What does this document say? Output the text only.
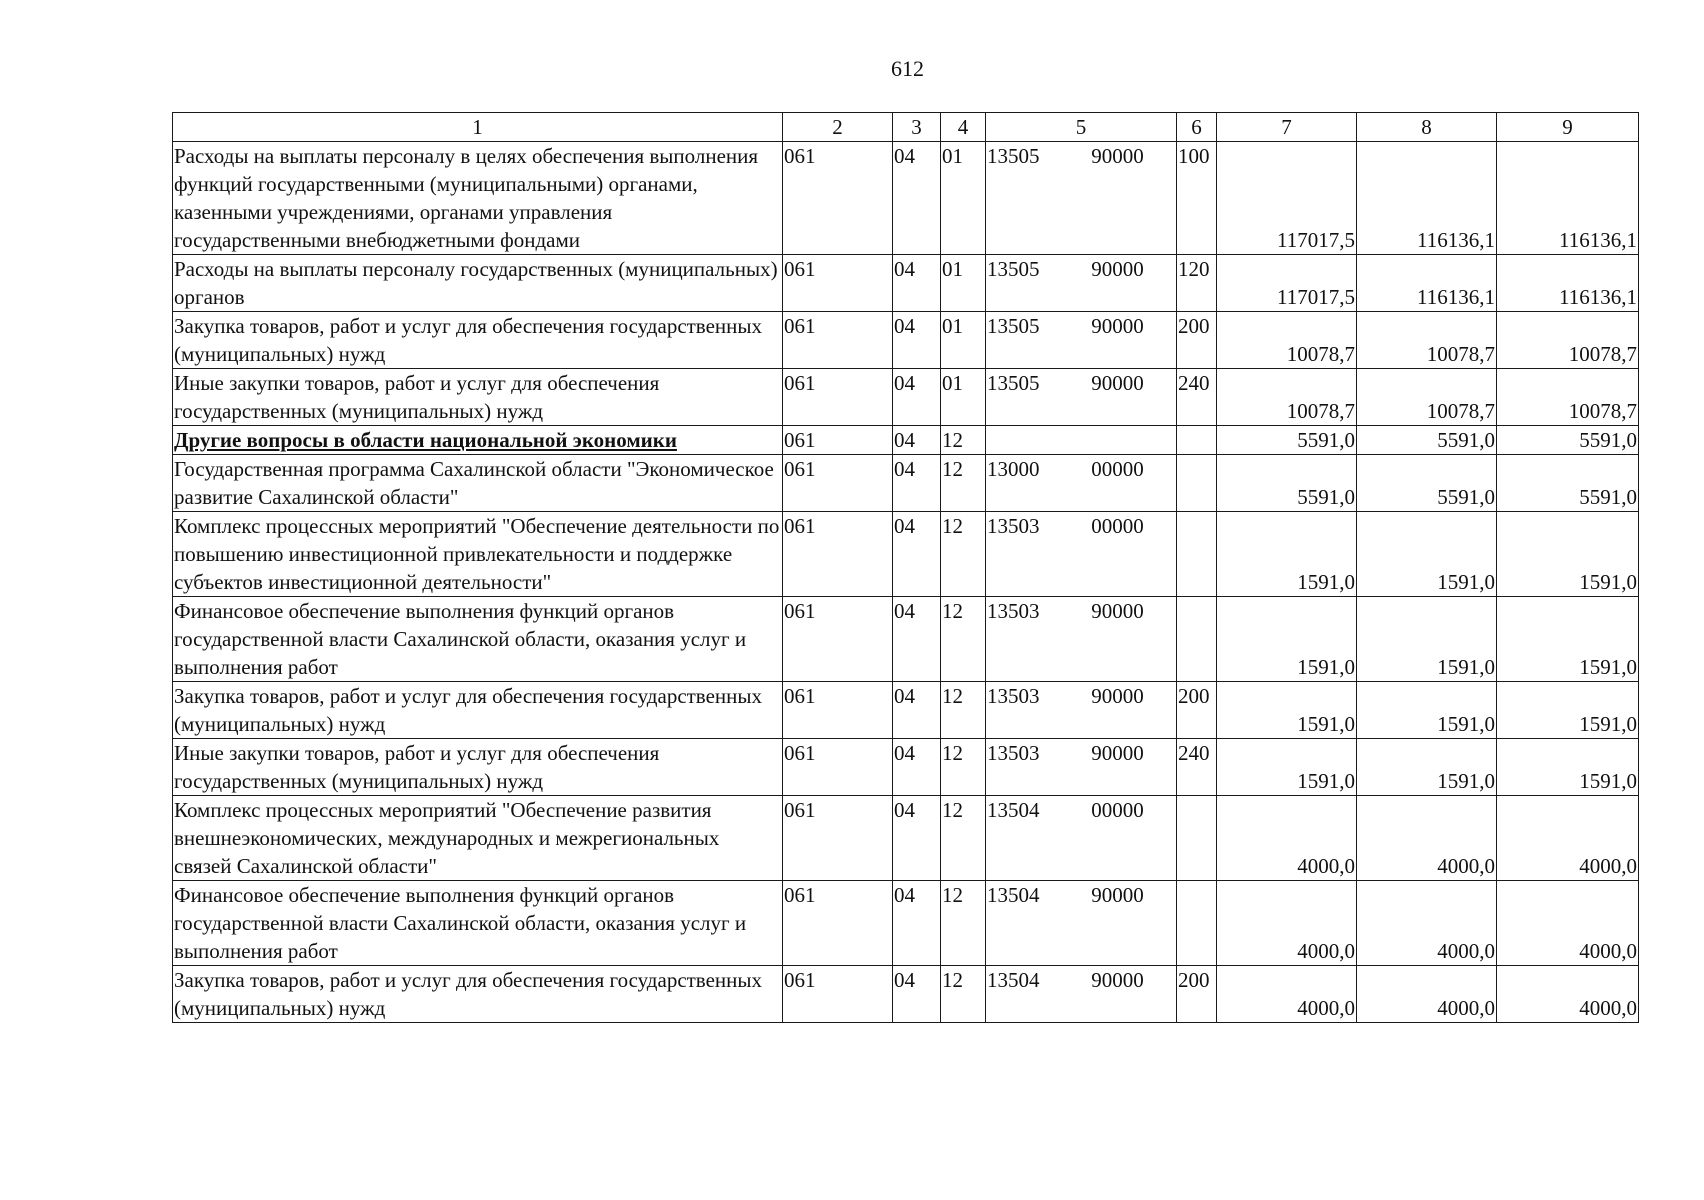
612
1	2	3	4	5	6	7	8	9
Расходы на выплаты персоналу в целях обеспечения выполнения функций государственными (муниципальными) органами, казенными учреждениями, органами управления государственными внебюджетными фондами	061	04	01	13505 90000	100	117017,5	116136,1	116136,1
Расходы на выплаты персоналу государственных (муниципальных) органов	061	04	01	13505 90000	120	117017,5	116136,1	116136,1
Закупка товаров, работ и услуг для обеспечения государственных (муниципальных) нужд	061	04	01	13505 90000	200	10078,7	10078,7	10078,7
Иные закупки товаров, работ и услуг для обеспечения государственных (муниципальных) нужд	061	04	01	13505 90000	240	10078,7	10078,7	10078,7
Другие вопросы в области национальной экономики	061	04	12			5591,0	5591,0	5591,0
Государственная программа Сахалинской области "Экономическое развитие Сахалинской области"	061	04	12	13000 00000		5591,0	5591,0	5591,0
Комплекс процессных мероприятий "Обеспечение деятельности по повышению инвестиционной привлекательности и поддержке субъектов инвестиционной деятельности"	061	04	12	13503 00000		1591,0	1591,0	1591,0
Финансовое обеспечение выполнения функций органов государственной власти Сахалинской области, оказания услуг и выполнения работ	061	04	12	13503 90000		1591,0	1591,0	1591,0
Закупка товаров, работ и услуг для обеспечения государственных (муниципальных) нужд	061	04	12	13503 90000	200	1591,0	1591,0	1591,0
Иные закупки товаров, работ и услуг для обеспечения государственных (муниципальных) нужд	061	04	12	13503 90000	240	1591,0	1591,0	1591,0
Комплекс процессных мероприятий "Обеспечение развития внешнеэкономических, международных и межрегиональных связей Сахалинской области"	061	04	12	13504 00000		4000,0	4000,0	4000,0
Финансовое обеспечение выполнения функций органов государственной власти Сахалинской области, оказания услуг и выполнения работ	061	04	12	13504 90000		4000,0	4000,0	4000,0
Закупка товаров, работ и услуг для обеспечения государственных (муниципальных) нужд	061	04	12	13504 90000	200	4000,0	4000,0	4000,0
